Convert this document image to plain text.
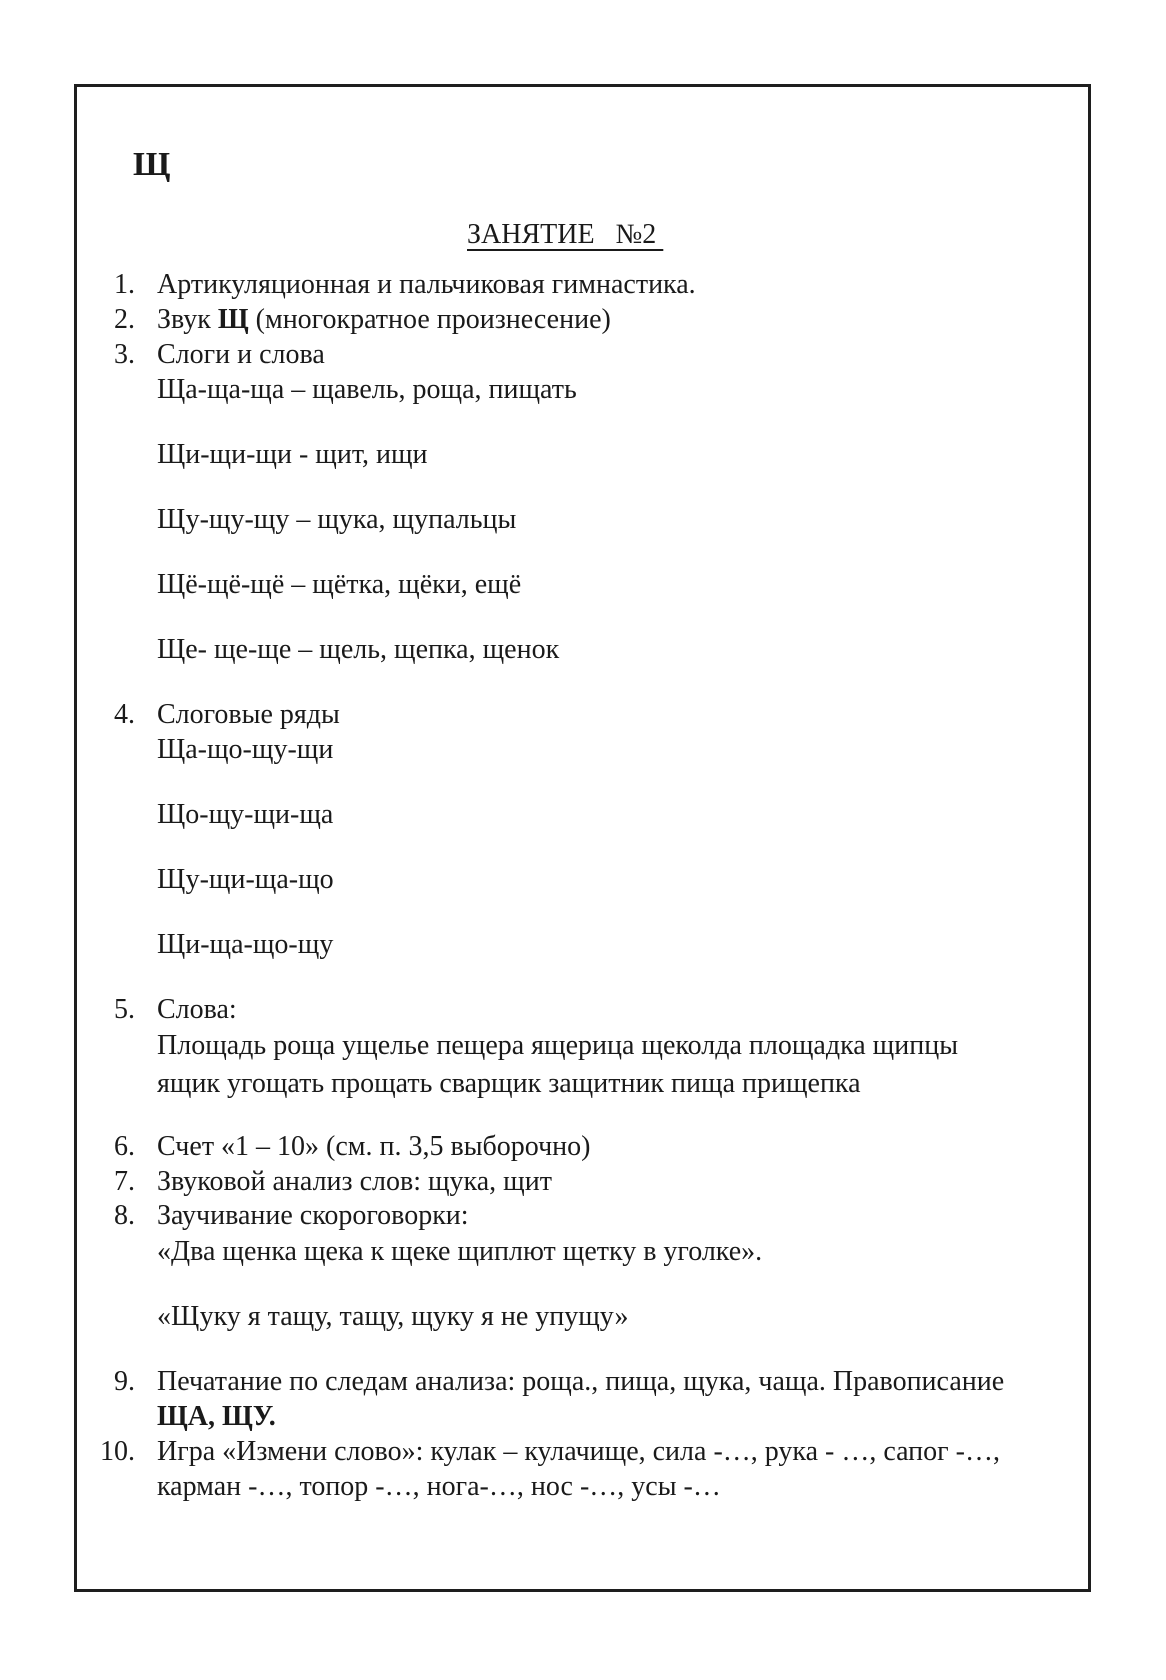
Щ
ЗАНЯТИЕ   №2
1. Артикуляционная и пальчиковая гимнастика.
2. Звук Щ (многократное произнесение)
3. Слоги и слова
Ща-ща-ща – щавель, роща, пищать
Щи-щи-щи - щит, ищи
Щу-щу-щу – щука, щупальцы
Щё-щё-щё – щётка, щёки, ещё
Ще- ще-ще – щель, щепка, щенок
4. Слоговые ряды
Ща-що-щу-щи
Що-щу-щи-ща
Щу-щи-ща-що
Щи-ща-що-щу
5. Слова:
Площадь роща ущелье пещера ящерица щеколда площадка щипцы
ящик угощать прощать сварщик защитник пища прищепка
6. Счет «1 – 10» (см. п. 3,5 выборочно)
7. Звуковой анализ слов: щука, щит
8. Заучивание скороговорки:
«Два щенка щека к щеке щиплют щетку в уголке».
«Щуку я тащу, тащу, щуку я не упущу»
9. Печатание по следам анализа: роща., пища, щука, чаща. Правописание
ЩА, ЩУ.
10. Игра «Измени слово»: кулак – кулачище, сила -…, рука - …, сапог -…,
карман -…, топор -…, нога-…, нос -…, усы -…
